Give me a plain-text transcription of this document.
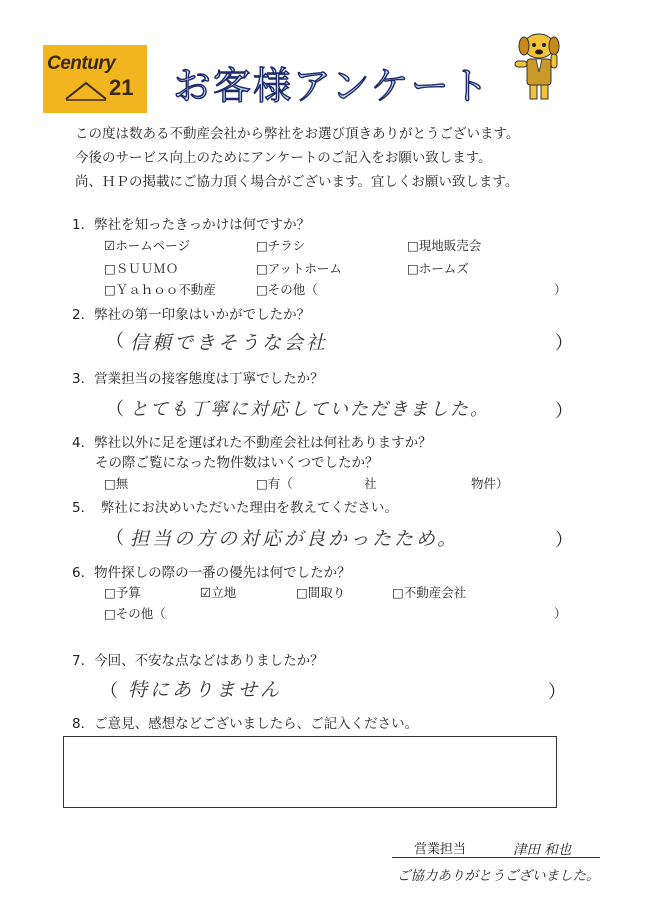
Century
21 お客様アンケート
この度は数ある不動産会社から弊社をお選び頂きありがとうございます。
今後のサービス向上のためにアンケートのご記入をお願い致します。
尚、ＨＰの掲載にご協力頂く場合がございます。宜しくお願い致します。
1．弊社を知ったきっかけは何ですか？
☑ホームページ	□チラシ	□現地販売会
□ＳＵＵＭＯ	□アットホーム	□ホームズ
□Ｙａｈｏｏ不動産	□その他（	）
2．弊社の第一印象はいかがでしたか？
（ 信頼できそうな会社	）
3．営業担当の接客態度は丁寧でしたか？
（ とても丁寧に対応していただきました。	）
4．弊社以外に足を運ばれた不動産会社は何社ありますか？
その際ご覧になった物件数はいくつでしたか？
□無	□有（	社	物件）
5．　弊社にお決めいただいた理由を教えてください。
（ 担当の方の対応が良かったため。	）
6．物件探しの際の一番の優先は何でしたか？
□予算	☑立地	□間取り	□不動産会社
□その他（	）
7．今回、不安な点などはありましたか？
（ 特にありません	）
8．ご意見、感想などございましたら、ご記入ください。
営業担当	津田 和也
ご協力ありがとうございました。
